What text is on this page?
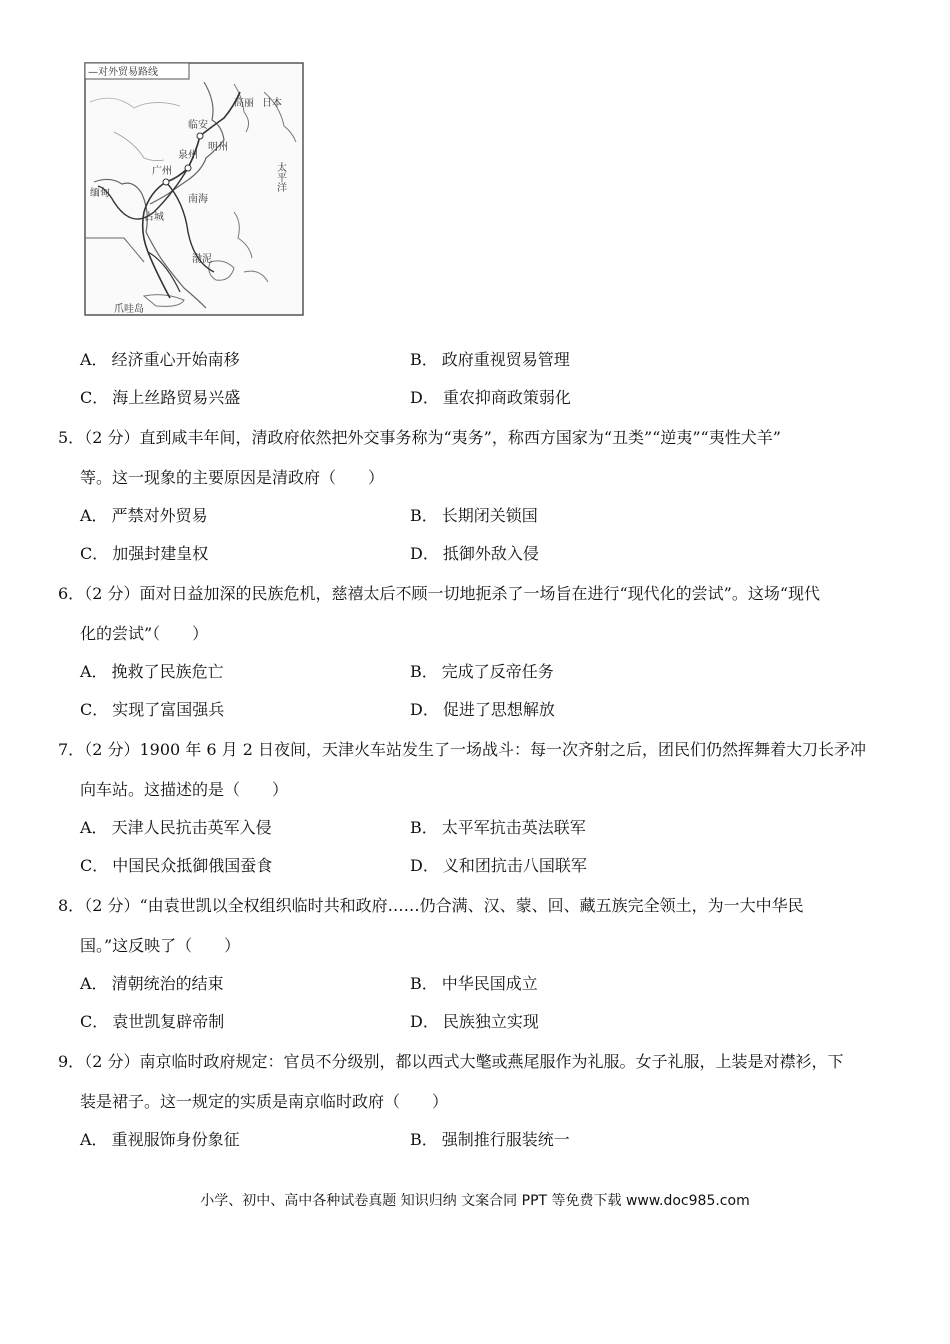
—对外贸易路线
临安
明州
泉州
广州
缅甸
占城
南海
渤泥
爪哇岛
高丽 日本
太平洋
A． 经济重心开始南移	B． 政府重视贸易管理
C． 海上丝路贸易兴盛	D． 重农抑商政策弱化
5．（2 分）直到咸丰年间，清政府依然把外交事务称为“夷务”，称西方国家为“丑类”“逆夷”“夷性犬羊”
等。这一现象的主要原因是清政府（　　）
A． 严禁对外贸易	B． 长期闭关锁国
C． 加强封建皇权	D． 抵御外敌入侵
6．（2 分）面对日益加深的民族危机，慈禧太后不顾一切地扼杀了一场旨在进行“现代化的尝试”。这场“现代
化的尝试”（　　）
A． 挽救了民族危亡	B． 完成了反帝任务
C． 实现了富国强兵	D． 促进了思想解放
7．（2 分）1900 年 6 月 2 日夜间，天津火车站发生了一场战斗：每一次齐射之后，团民们仍然挥舞着大刀长矛冲
向车站。这描述的是（　　）
A． 天津人民抗击英军入侵	B． 太平军抗击英法联军
C． 中国民众抵御俄国蚕食	D． 义和团抗击八国联军
8．（2 分）“由袁世凯以全权组织临时共和政府……仍合满、汉、蒙、回、藏五族完全领土，为一大中华民
国。”这反映了（　　）
A． 清朝统治的结束	B． 中华民国成立
C． 袁世凯复辟帝制	D． 民族独立实现
9．（2 分）南京临时政府规定：官员不分级别，都以西式大氅或燕尾服作为礼服。女子礼服，上装是对襟衫，下
装是裙子。这一规定的实质是南京临时政府（　　）
A． 重视服饰身份象征	B． 强制推行服装统一
小学、初中、高中各种试卷真题 知识归纳 文案合同 PPT 等免费下载 www.doc985.com
